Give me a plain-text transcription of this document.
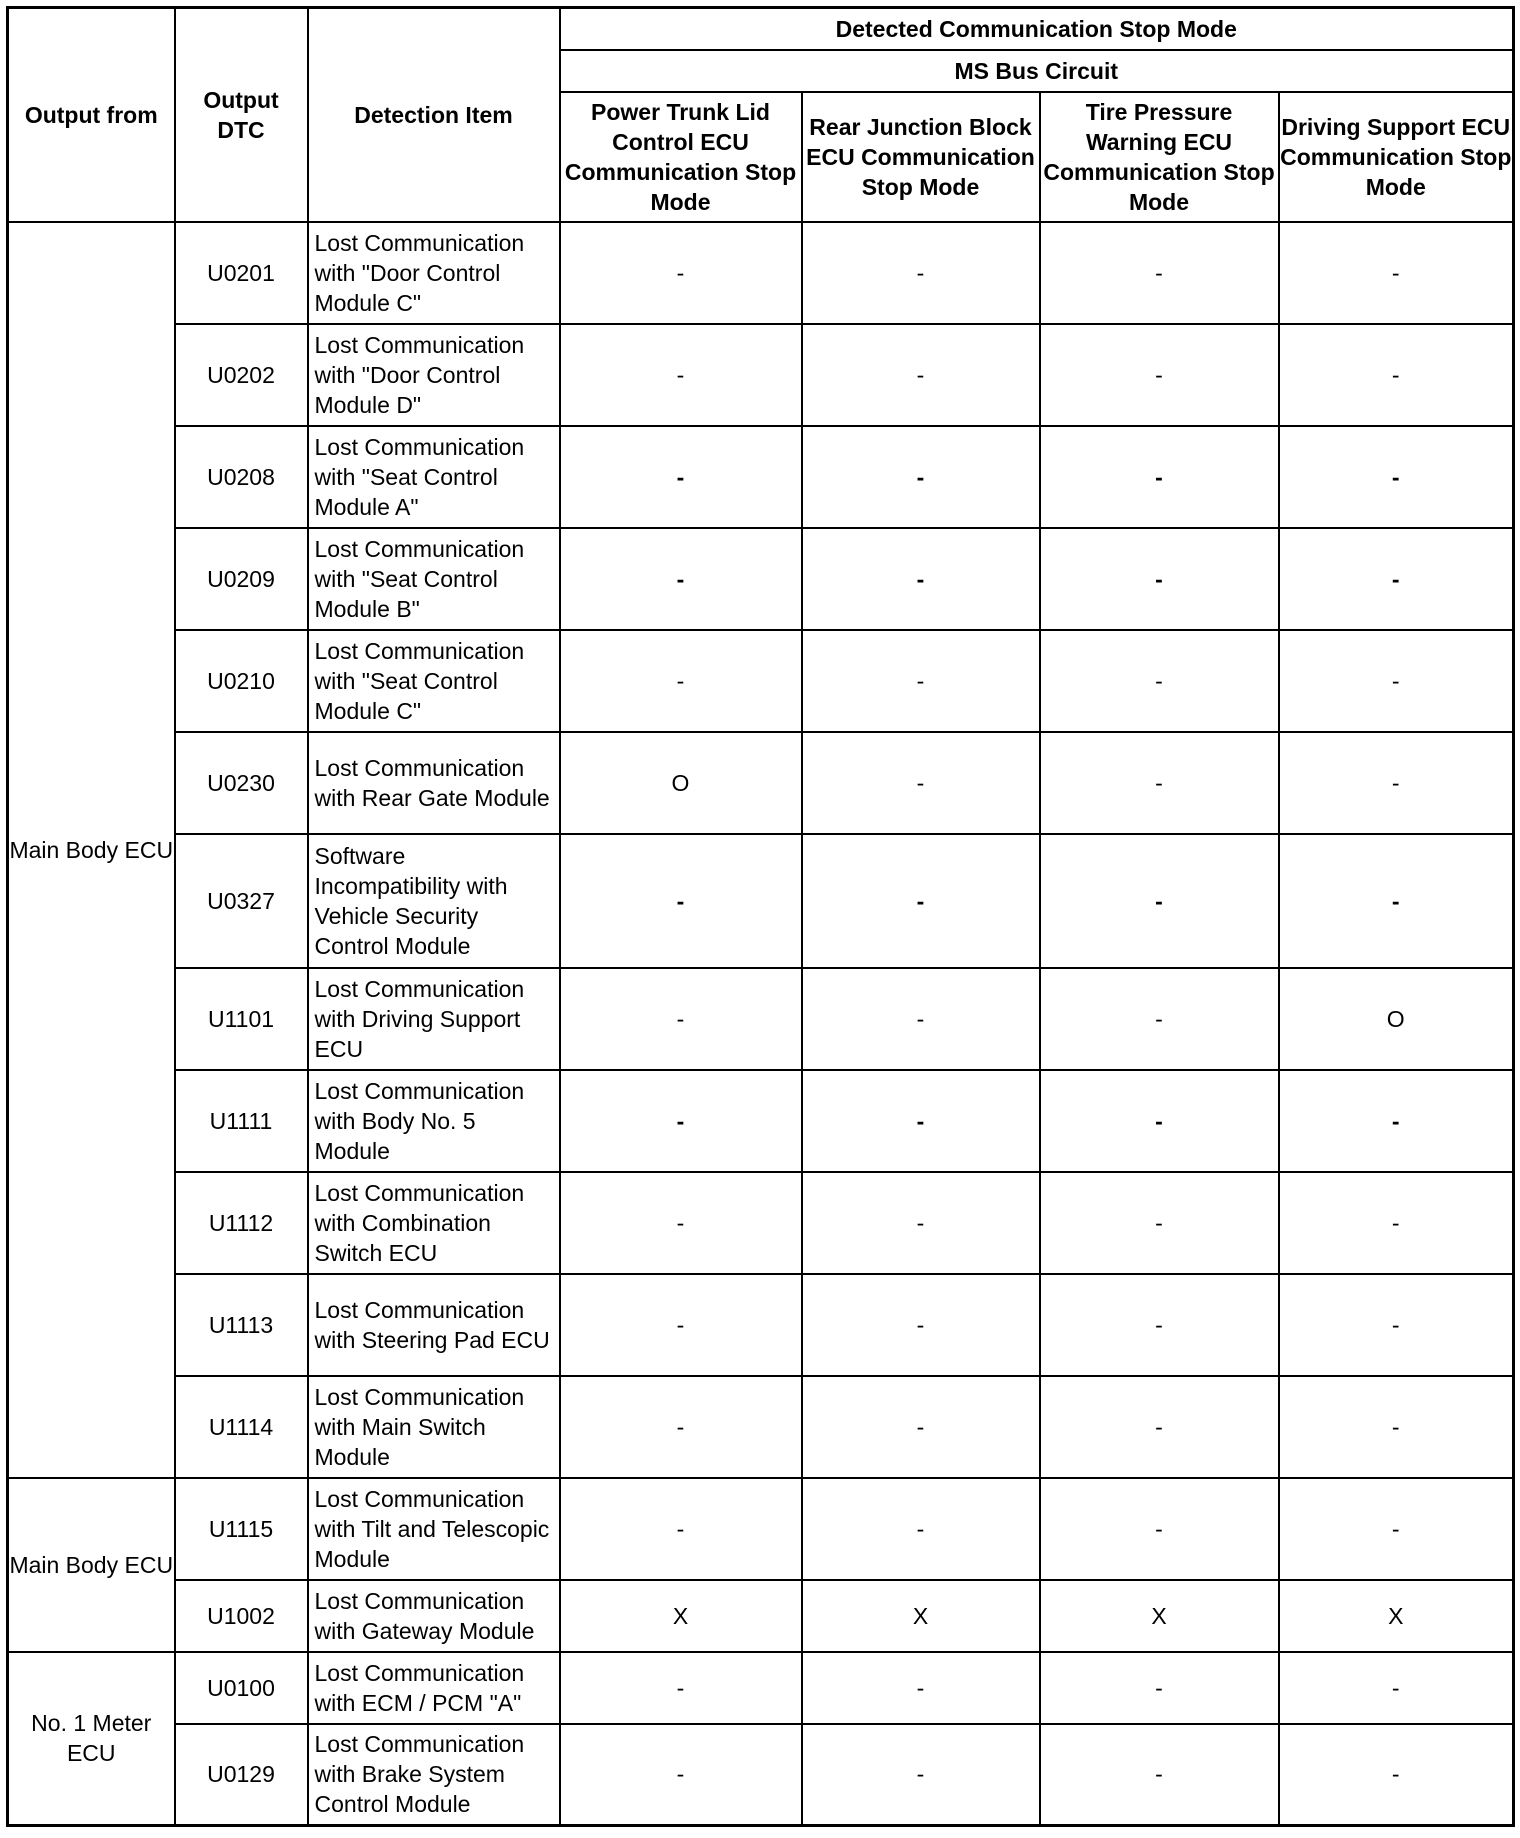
Output from	Output DTC	Detection Item	Detected Communication Stop Mode			
			MS Bus Circuit			
			Power Trunk Lid Control ECU Communication Stop Mode	Rear Junction Block ECU Communication Stop Mode	Tire Pressure Warning ECU Communication Stop Mode	Driving Support ECU Communication Stop Mode
Main Body ECU	U0201	Lost Communication with "Door Control Module C"	-	-	-	-
	U0202	Lost Communication with "Door Control Module D"	-	-	-	-
	U0208	Lost Communication with "Seat Control Module A"	-	-	-	-
	U0209	Lost Communication with "Seat Control Module B"	-	-	-	-
	U0210	Lost Communication with "Seat Control Module C"	-	-	-	-
	U0230	Lost Communication with Rear Gate Module	O	-	-	-
	U0327	Software Incompatibility with Vehicle Security Control Module	-	-	-	-
	U1101	Lost Communication with Driving Support ECU	-	-	-	O
	U1111	Lost Communication with Body No. 5 Module	-	-	-	-
	U1112	Lost Communication with Combination Switch ECU	-	-	-	-
	U1113	Lost Communication with Steering Pad ECU	-	-	-	-
	U1114	Lost Communication with Main Switch Module	-	-	-	-
Main Body ECU	U1115	Lost Communication with Tilt and Telescopic Module	-	-	-	-
	U1002	Lost Communication with Gateway Module	X	X	X	X
No. 1 Meter ECU	U0100	Lost Communication with ECM / PCM "A"	-	-	-	-
	U0129	Lost Communication with Brake System Control Module	-	-	-	-
